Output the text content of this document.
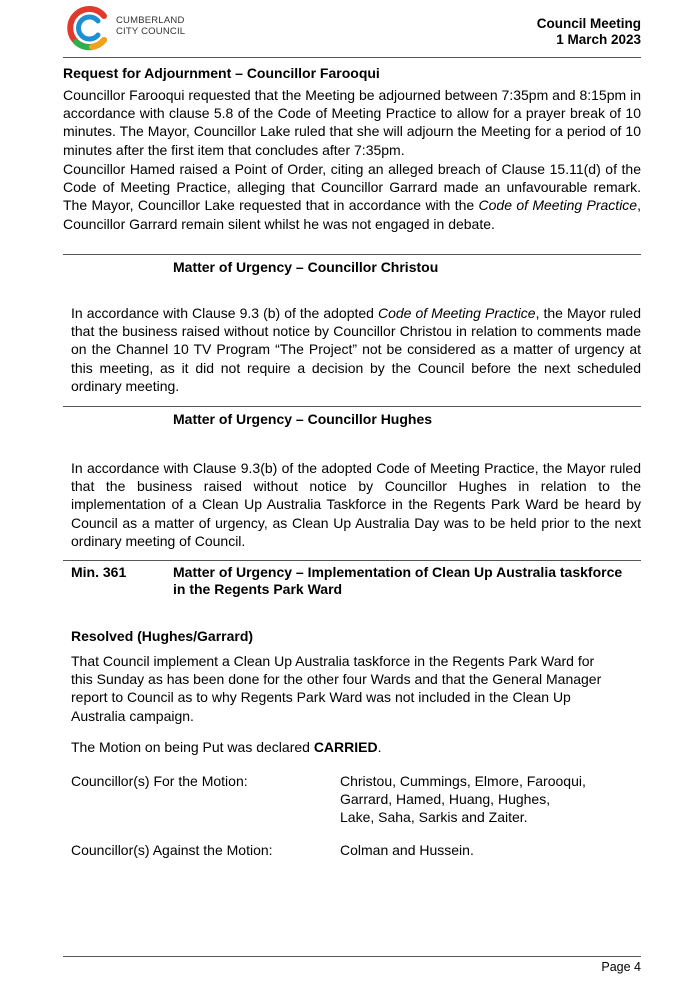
CUMBERLAND
CITY COUNCIL	Council Meeting
1 March 2023
Request for Adjournment – Councillor Farooqui
Councillor Farooqui requested that the Meeting be adjourned between 7:35pm and 8:15pm in accordance with clause 5.8 of the Code of Meeting Practice to allow for a prayer break of 10 minutes. The Mayor, Councillor Lake ruled that she will adjourn the Meeting for a period of 10 minutes after the first item that concludes after 7:35pm.
Councillor Hamed raised a Point of Order, citing an alleged breach of Clause 15.11(d) of the Code of Meeting Practice, alleging that Councillor Garrard made an unfavourable remark. The Mayor, Councillor Lake requested that in accordance with the Code of Meeting Practice, Councillor Garrard remain silent whilst he was not engaged in debate.
Matter of Urgency – Councillor Christou
In accordance with Clause 9.3 (b) of the adopted Code of Meeting Practice, the Mayor ruled that the business raised without notice by Councillor Christou in relation to comments made on the Channel 10 TV Program “The Project” not be considered as a matter of urgency at this meeting, as it did not require a decision by the Council before the next scheduled ordinary meeting.
Matter of Urgency – Councillor Hughes
In accordance with Clause 9.3(b) of the adopted Code of Meeting Practice, the Mayor ruled that the business raised without notice by Councillor Hughes in relation to the implementation of a Clean Up Australia Taskforce in the Regents Park Ward be heard by Council as a matter of urgency, as Clean Up Australia Day was to be held prior to the next ordinary meeting of Council.
Min. 361	Matter of Urgency – Implementation of Clean Up Australia taskforce
in the Regents Park Ward
Resolved (Hughes/Garrard)
That Council implement a Clean Up Australia taskforce in the Regents Park Ward for
this Sunday as has been done for the other four Wards and that the General Manager
report to Council as to why Regents Park Ward was not included in the Clean Up
Australia campaign.
The Motion on being Put was declared CARRIED.
Councillor(s) For the Motion:	Christou, Cummings, Elmore, Farooqui,
Garrard, Hamed, Huang, Hughes,
Lake, Saha, Sarkis and Zaiter.
Councillor(s) Against the Motion:	Colman and Hussein.
Page 4
